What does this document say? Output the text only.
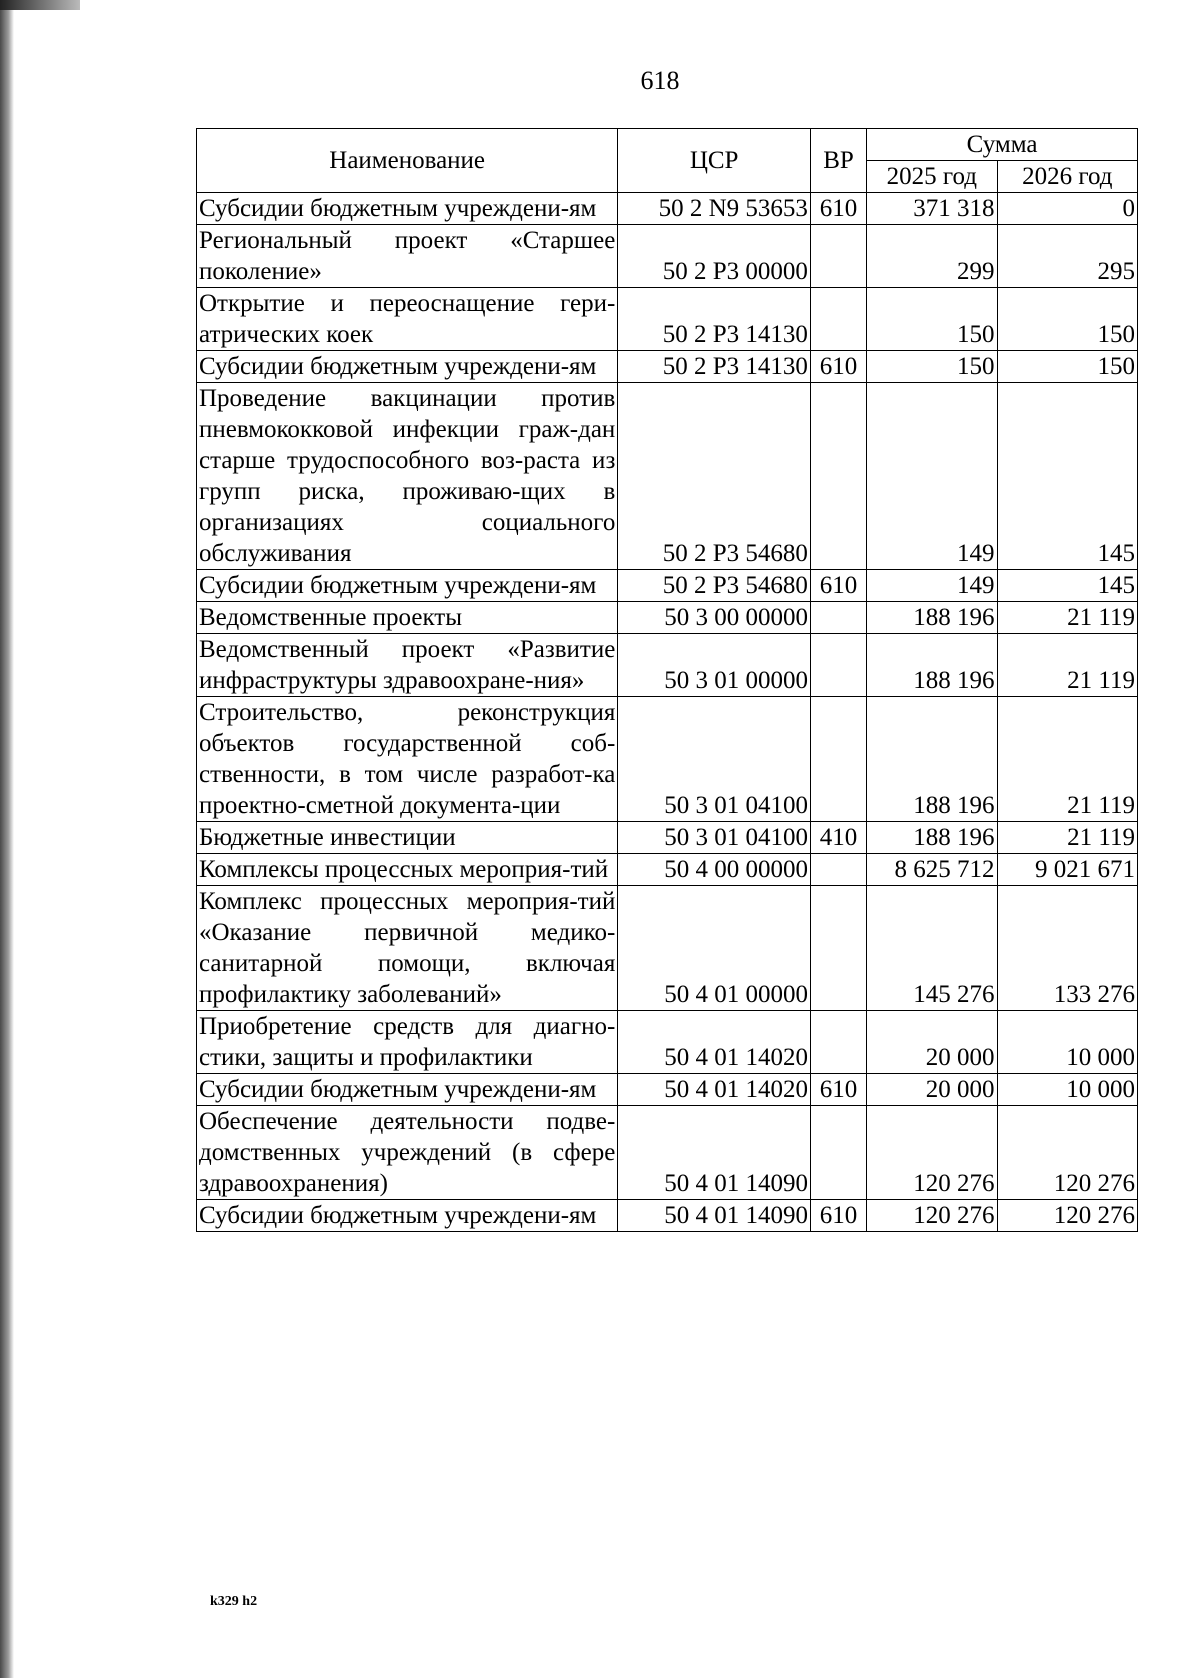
618
Наименование	ЦСР	ВР	Сумма	
			2025 год	2026 год
Субсидии бюджетным учреждени-ям	50 2 N9 53653	610	371 318	0
Региональный проект «Старшее поколение»	50 2 P3 00000		299	295
Открытие и переоснащение гери-атрических коек	50 2 P3 14130		150	150
Субсидии бюджетным учреждени-ям	50 2 P3 14130	610	150	150
Проведение вакцинации против пневмококковой инфекции граж-дан старше трудоспособного воз-раста из групп риска, проживаю-щих в организациях социального обслуживания	50 2 P3 54680		149	145
Субсидии бюджетным учреждени-ям	50 2 P3 54680	610	149	145
Ведомственные проекты	50 3 00 00000		188 196	21 119
Ведомственный проект «Развитие инфраструктуры здравоохране-ния»	50 3 01 00000		188 196	21 119
Строительство, реконструкция объектов государственной соб-ственности, в том числе разработ-ка проектно-сметной документа-ции	50 3 01 04100		188 196	21 119
Бюджетные инвестиции	50 3 01 04100	410	188 196	21 119
Комплексы процессных мероприя-тий	50 4 00 00000		8 625 712	9 021 671
Комплекс процессных мероприя-тий «Оказание первичной медико-санитарной помощи, включая профилактику заболеваний»	50 4 01 00000		145 276	133 276
Приобретение средств для диагно-стики, защиты и профилактики	50 4 01 14020		20 000	10 000
Субсидии бюджетным учреждени-ям	50 4 01 14020	610	20 000	10 000
Обеспечение деятельности подве-домственных учреждений (в сфере здравоохранения)	50 4 01 14090		120 276	120 276
Субсидии бюджетным учреждени-ям	50 4 01 14090	610	120 276	120 276
k329 h2
